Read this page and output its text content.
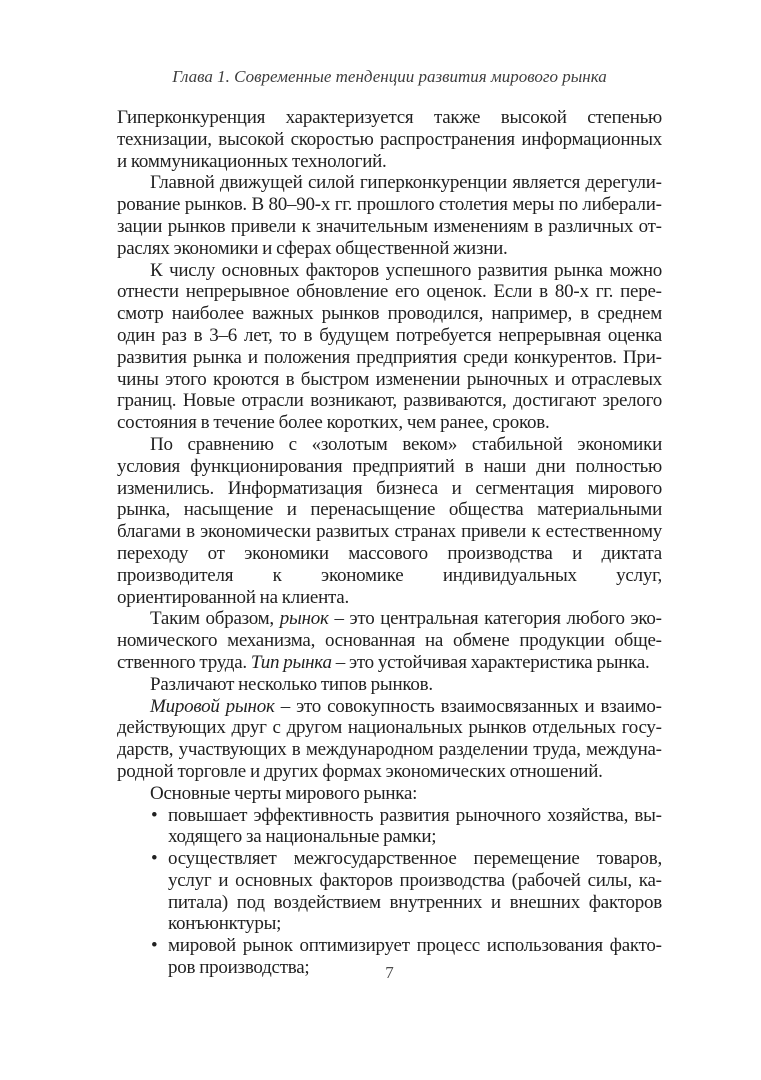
Глава 1. Современные тенденции развития мирового рынка

Гиперконкуренция характеризуется также высокой степенью технизации, высокой скоростью распространения информационных и коммуникационных технологий.

Главной движущей силой гиперконкуренции является дерегулирование рынков. В 80–90-х гг. прошлого столетия меры по либерализации рынков привели к значительным изменениям в различных отраслях экономики и сферах общественной жизни.

К числу основных факторов успешного развития рынка можно отнести непрерывное обновление его оценок. Если в 80-х гг. пересмотр наиболее важных рынков проводился, например, в среднем один раз в 3–6 лет, то в будущем потребуется непрерывная оценка развития рынка и положения предприятия среди конкурентов. Причины этого кроются в быстром изменении рыночных и отраслевых границ. Новые отрасли возникают, развиваются, достигают зрелого состояния в течение более коротких, чем ранее, сроков.

По сравнению с «золотым веком» стабильной экономики условия функционирования предприятий в наши дни полностью изменились. Информатизация бизнеса и сегментация мирового рынка, насыщение и перенасыщение общества материальными благами в экономически развитых странах привели к естественному переходу от экономики массового производства и диктата производителя к экономике индивидуальных услуг, ориентированной на клиента.

Таким образом, рынок – это центральная категория любого экономического механизма, основанная на обмене продукции общественного труда. Тип рынка – это устойчивая характеристика рынка.

Различают несколько типов рынков.

Мировой рынок – это совокупность взаимосвязанных и взаимодействующих друг с другом национальных рынков отдельных государств, участвующих в международном разделении труда, международной торговле и других формах экономических отношений.

Основные черты мирового рынка:

• повышает эффективность развития рыночного хозяйства, выходящего за национальные рамки;
• осуществляет межгосударственное перемещение товаров, услуг и основных факторов производства (рабочей силы, капитала) под воздействием внутренних и внешних факторов конъюнктуры;
• мировой рынок оптимизирует процесс использования факторов производства;	7
